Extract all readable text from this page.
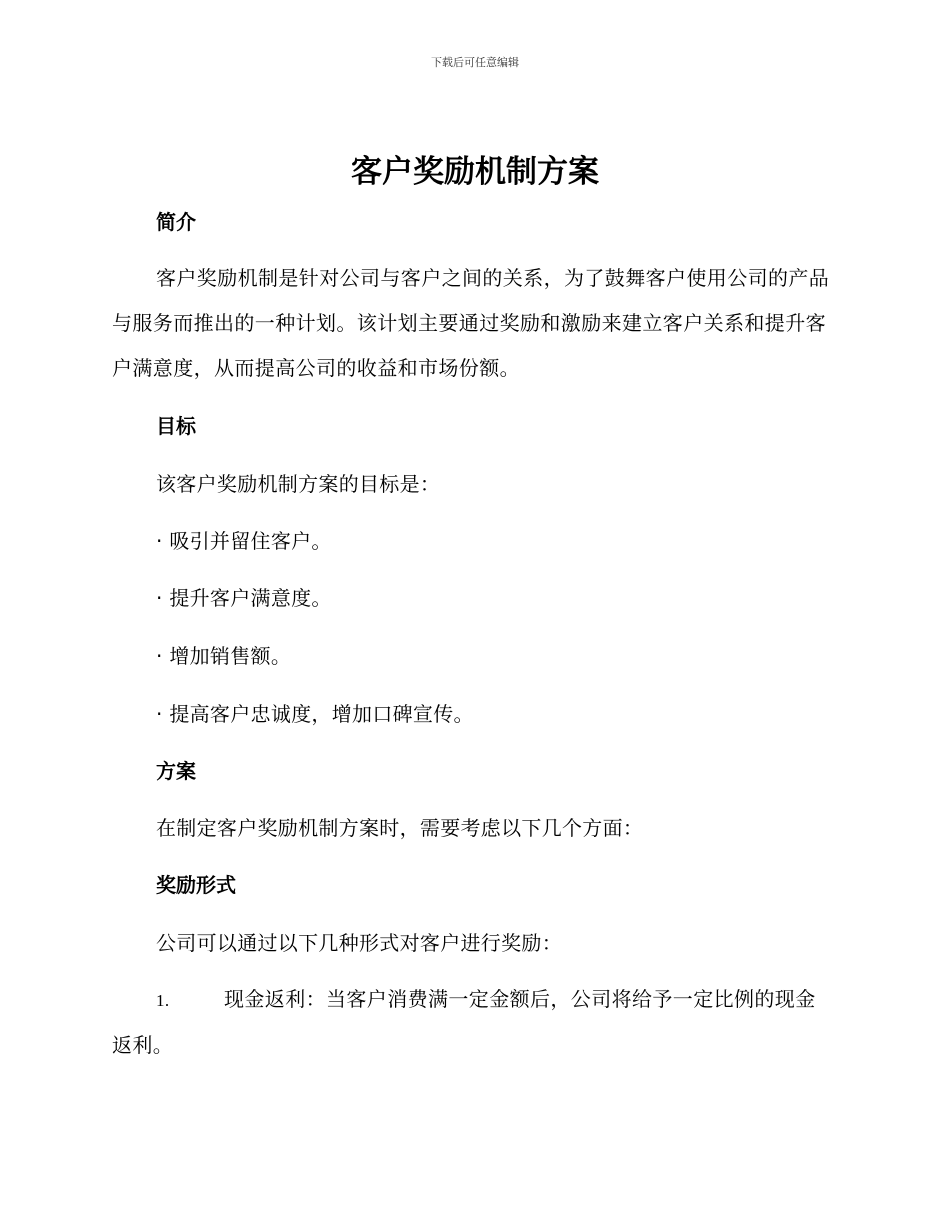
下载后可任意编辑
客户奖励机制方案
简介

客户奖励机制是针对公司与客户之间的关系，为了鼓舞客户使用公司的产品与服务而推出的一种计划。该计划主要通过奖励和激励来建立客户关系和提升客户满意度，从而提高公司的收益和市场份额。

目标

该客户奖励机制方案的目标是：

· 吸引并留住客户。

· 提升客户满意度。

· 增加销售额。

· 提高客户忠诚度，增加口碑宣传。

方案

在制定客户奖励机制方案时，需要考虑以下几个方面：

奖励形式

公司可以通过以下几种形式对客户进行奖励：

1.	现金返利：当客户消费满一定金额后，公司将给予一定比例的现金返利。
